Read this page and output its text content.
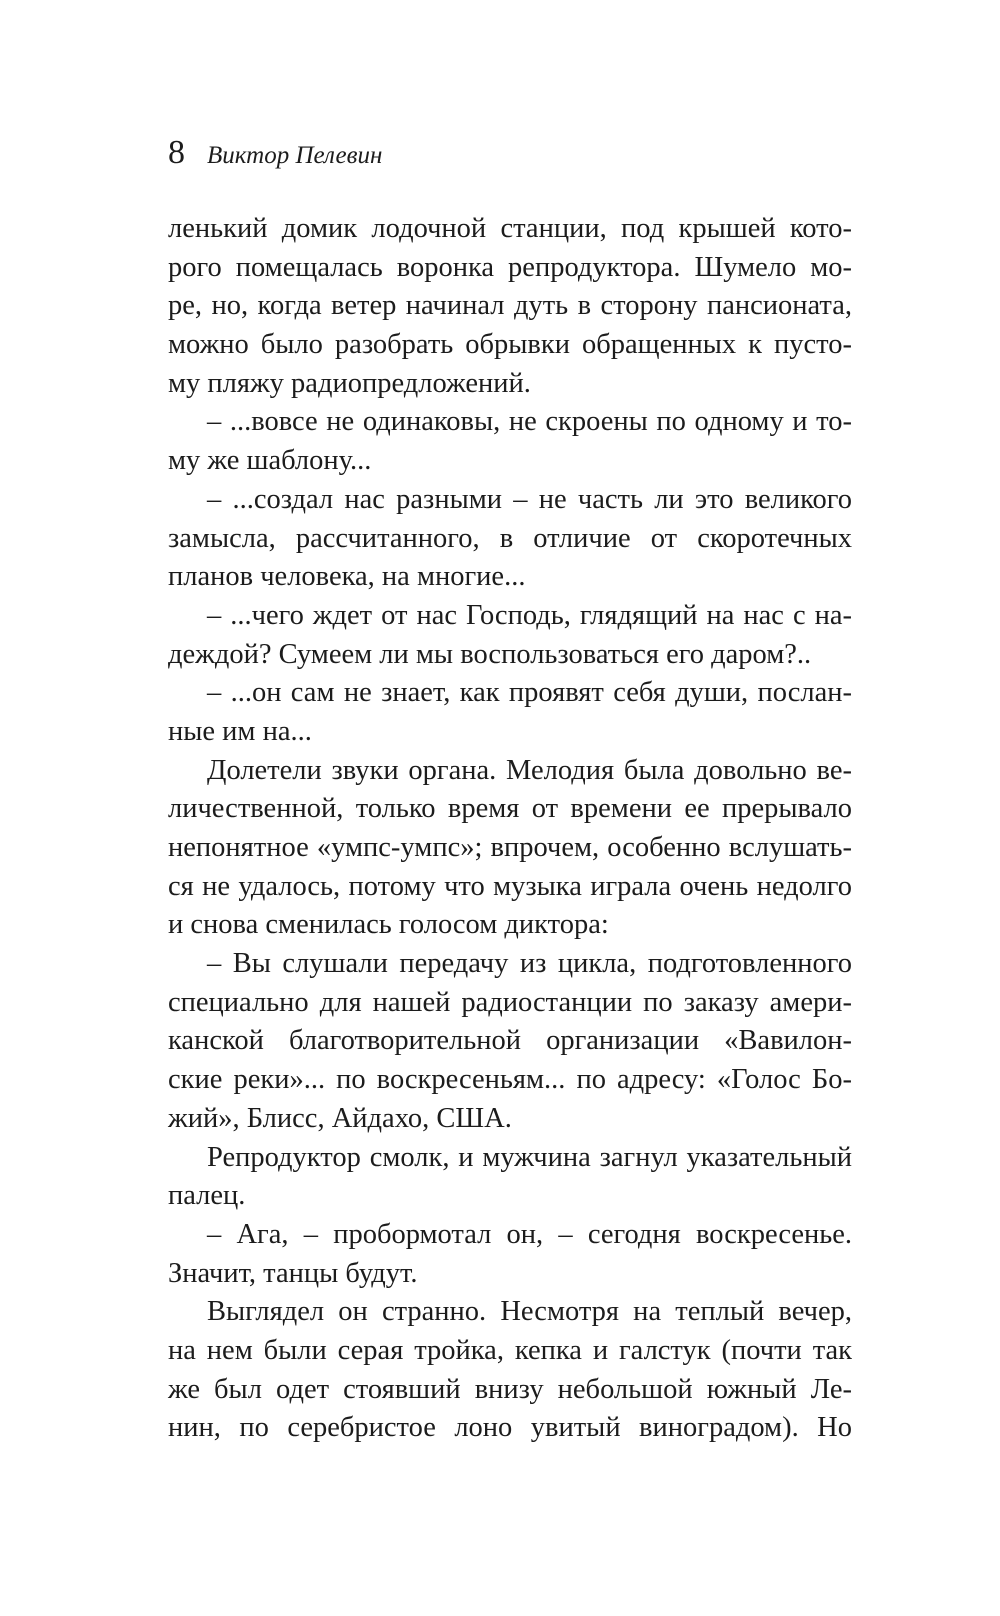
8 Виктор Пелевин
ленький домик лодочной станции, под крышей кото-
рого помещалась воронка репродуктора. Шумело мо-
ре, но, когда ветер начинал дуть в сторону пансионата,
можно было разобрать обрывки обращенных к пусто-
му пляжу радиопредложений.
– ...вовсе не одинаковы, не скроены по одному и то-
му же шаблону...
– ...создал нас разными – не часть ли это великого
замысла, рассчитанного, в отличие от скоротечных
планов человека, на многие...
– ...чего ждет от нас Господь, глядящий на нас с на-
деждой? Сумеем ли мы воспользоваться его даром?..
– ...он сам не знает, как проявят себя души, послан-
ные им на...
Долетели звуки органа. Мелодия была довольно ве-
личественной, только время от времени ее прерывало
непонятное «умпс-умпс»; впрочем, особенно вслушать-
ся не удалось, потому что музыка играла очень недолго
и снова сменилась голосом диктора:
– Вы слушали передачу из цикла, подготовленного
специально для нашей радиостанции по заказу амери-
канской благотворительной организации «Вавилон-
ские реки»... по воскресеньям... по адресу: «Голос Бо-
жий», Блисс, Айдахо, США.
Репродуктор смолк, и мужчина загнул указательный
палец.
– Ага, – пробормотал он, – сегодня воскресенье.
Значит, танцы будут.
Выглядел он странно. Несмотря на теплый вечер,
на нем были серая тройка, кепка и галстук (почти так
же был одет стоявший внизу небольшой южный Ле-
нин, по серебристое лоно увитый виноградом). Но
